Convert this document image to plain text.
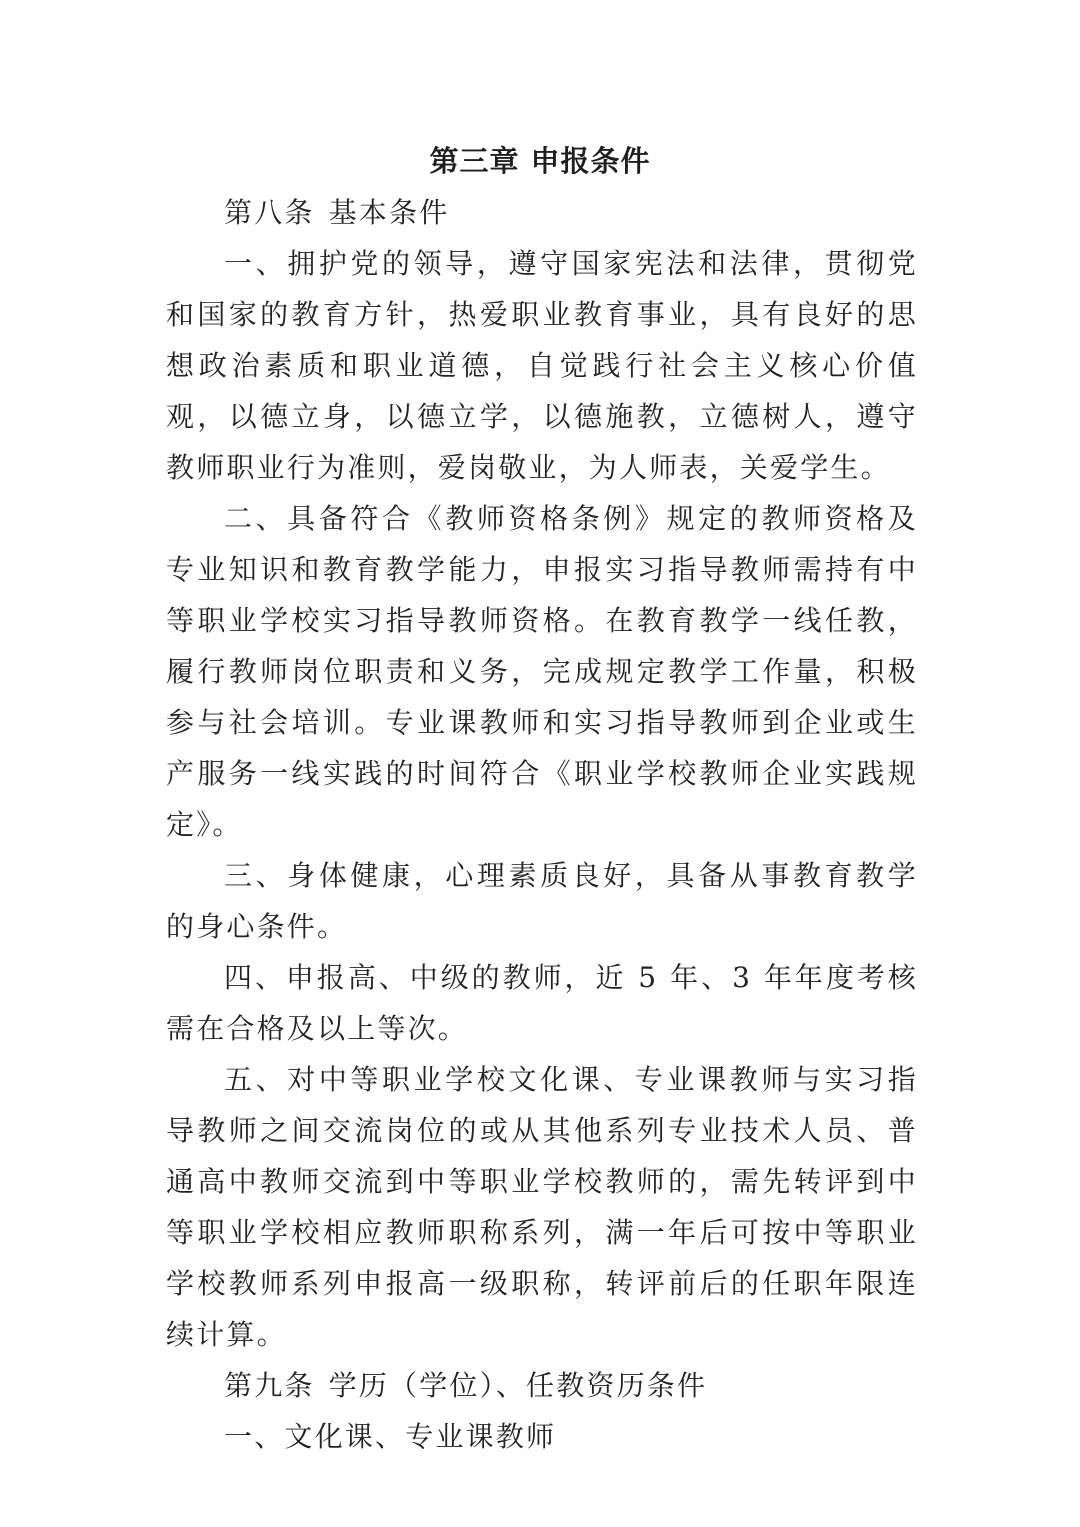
第三章 申报条件

第八条 基本条件

一、拥护党的领导，遵守国家宪法和法律，贯彻党和国家的教育方针，热爱职业教育事业，具有良好的思想政治素质和职业道德，自觉践行社会主义核心价值观，以德立身，以德立学，以德施教，立德树人，遵守教师职业行为准则，爱岗敬业，为人师表，关爱学生。

二、具备符合《教师资格条例》规定的教师资格及专业知识和教育教学能力，申报实习指导教师需持有中等职业学校实习指导教师资格。在教育教学一线任教，履行教师岗位职责和义务，完成规定教学工作量，积极参与社会培训。专业课教师和实习指导教师到企业或生产服务一线实践的时间符合《职业学校教师企业实践规定》。

三、身体健康，心理素质良好，具备从事教育教学的身心条件。

四、申报高、中级的教师，近 5 年、3 年年度考核需在合格及以上等次。

五、对中等职业学校文化课、专业课教师与实习指导教师之间交流岗位的或从其他系列专业技术人员、普通高中教师交流到中等职业学校教师的，需先转评到中等职业学校相应教师职称系列，满一年后可按中等职业学校教师系列申报高一级职称，转评前后的任职年限连续计算。

第九条 学历（学位）、任教资历条件

一、文化课、专业课教师
